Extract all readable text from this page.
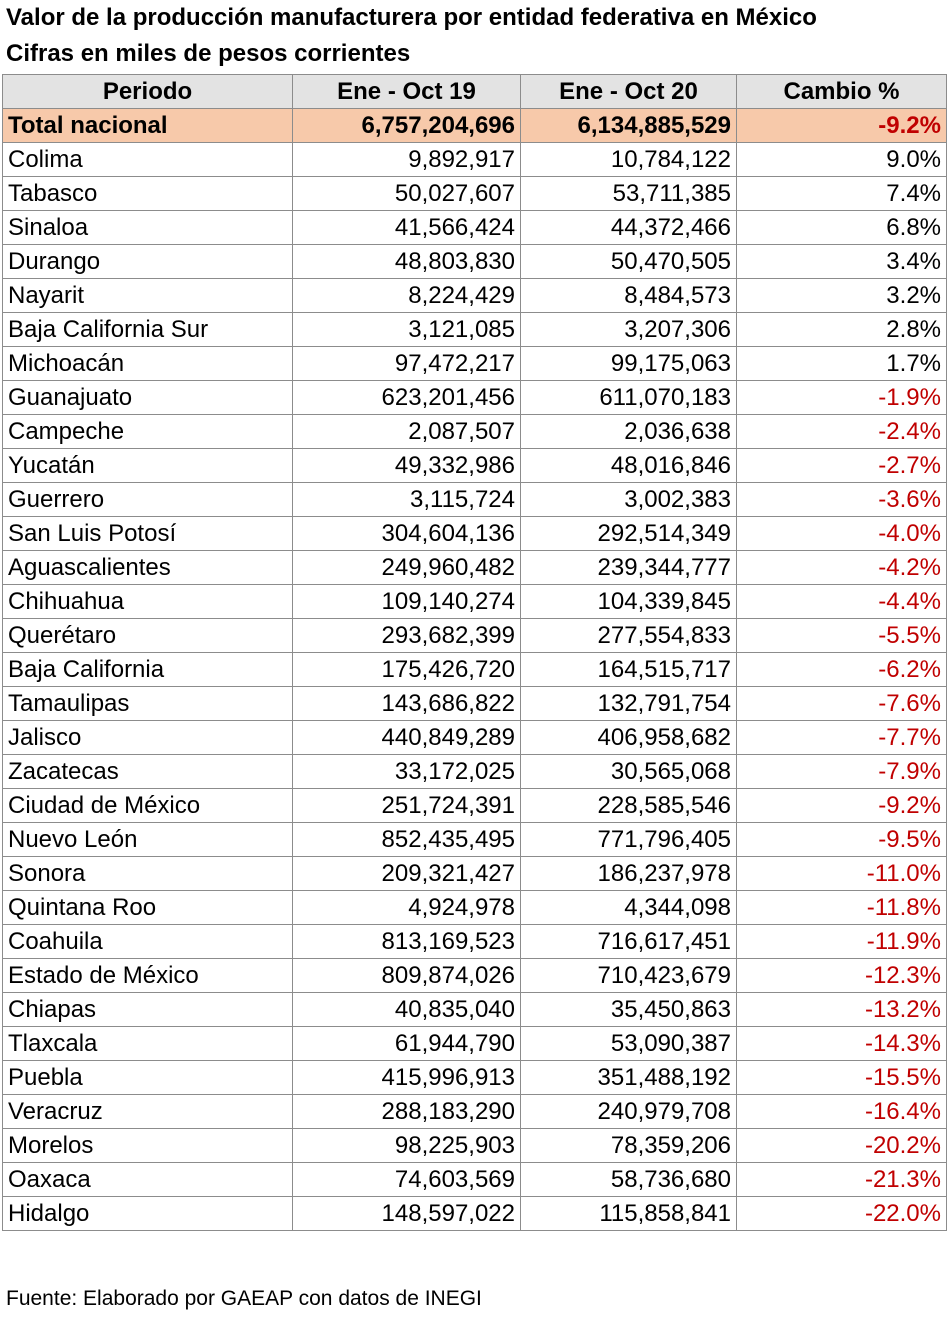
Valor de la producción manufacturera por entidad federativa en México
Cifras en miles de pesos corrientes
Periodo	Ene - Oct 19	Ene - Oct 20	Cambio %
Total nacional	6,757,204,696	6,134,885,529	-9.2%
Colima	9,892,917	10,784,122	9.0%
Tabasco	50,027,607	53,711,385	7.4%
Sinaloa	41,566,424	44,372,466	6.8%
Durango	48,803,830	50,470,505	3.4%
Nayarit	8,224,429	8,484,573	3.2%
Baja California Sur	3,121,085	3,207,306	2.8%
Michoacán	97,472,217	99,175,063	1.7%
Guanajuato	623,201,456	611,070,183	-1.9%
Campeche	2,087,507	2,036,638	-2.4%
Yucatán	49,332,986	48,016,846	-2.7%
Guerrero	3,115,724	3,002,383	-3.6%
San Luis Potosí	304,604,136	292,514,349	-4.0%
Aguascalientes	249,960,482	239,344,777	-4.2%
Chihuahua	109,140,274	104,339,845	-4.4%
Querétaro	293,682,399	277,554,833	-5.5%
Baja California	175,426,720	164,515,717	-6.2%
Tamaulipas	143,686,822	132,791,754	-7.6%
Jalisco	440,849,289	406,958,682	-7.7%
Zacatecas	33,172,025	30,565,068	-7.9%
Ciudad de México	251,724,391	228,585,546	-9.2%
Nuevo León	852,435,495	771,796,405	-9.5%
Sonora	209,321,427	186,237,978	-11.0%
Quintana Roo	4,924,978	4,344,098	-11.8%
Coahuila	813,169,523	716,617,451	-11.9%
Estado de México	809,874,026	710,423,679	-12.3%
Chiapas	40,835,040	35,450,863	-13.2%
Tlaxcala	61,944,790	53,090,387	-14.3%
Puebla	415,996,913	351,488,192	-15.5%
Veracruz	288,183,290	240,979,708	-16.4%
Morelos	98,225,903	78,359,206	-20.2%
Oaxaca	74,603,569	58,736,680	-21.3%
Hidalgo	148,597,022	115,858,841	-22.0%
Fuente: Elaborado por GAEAP con datos de INEGI
